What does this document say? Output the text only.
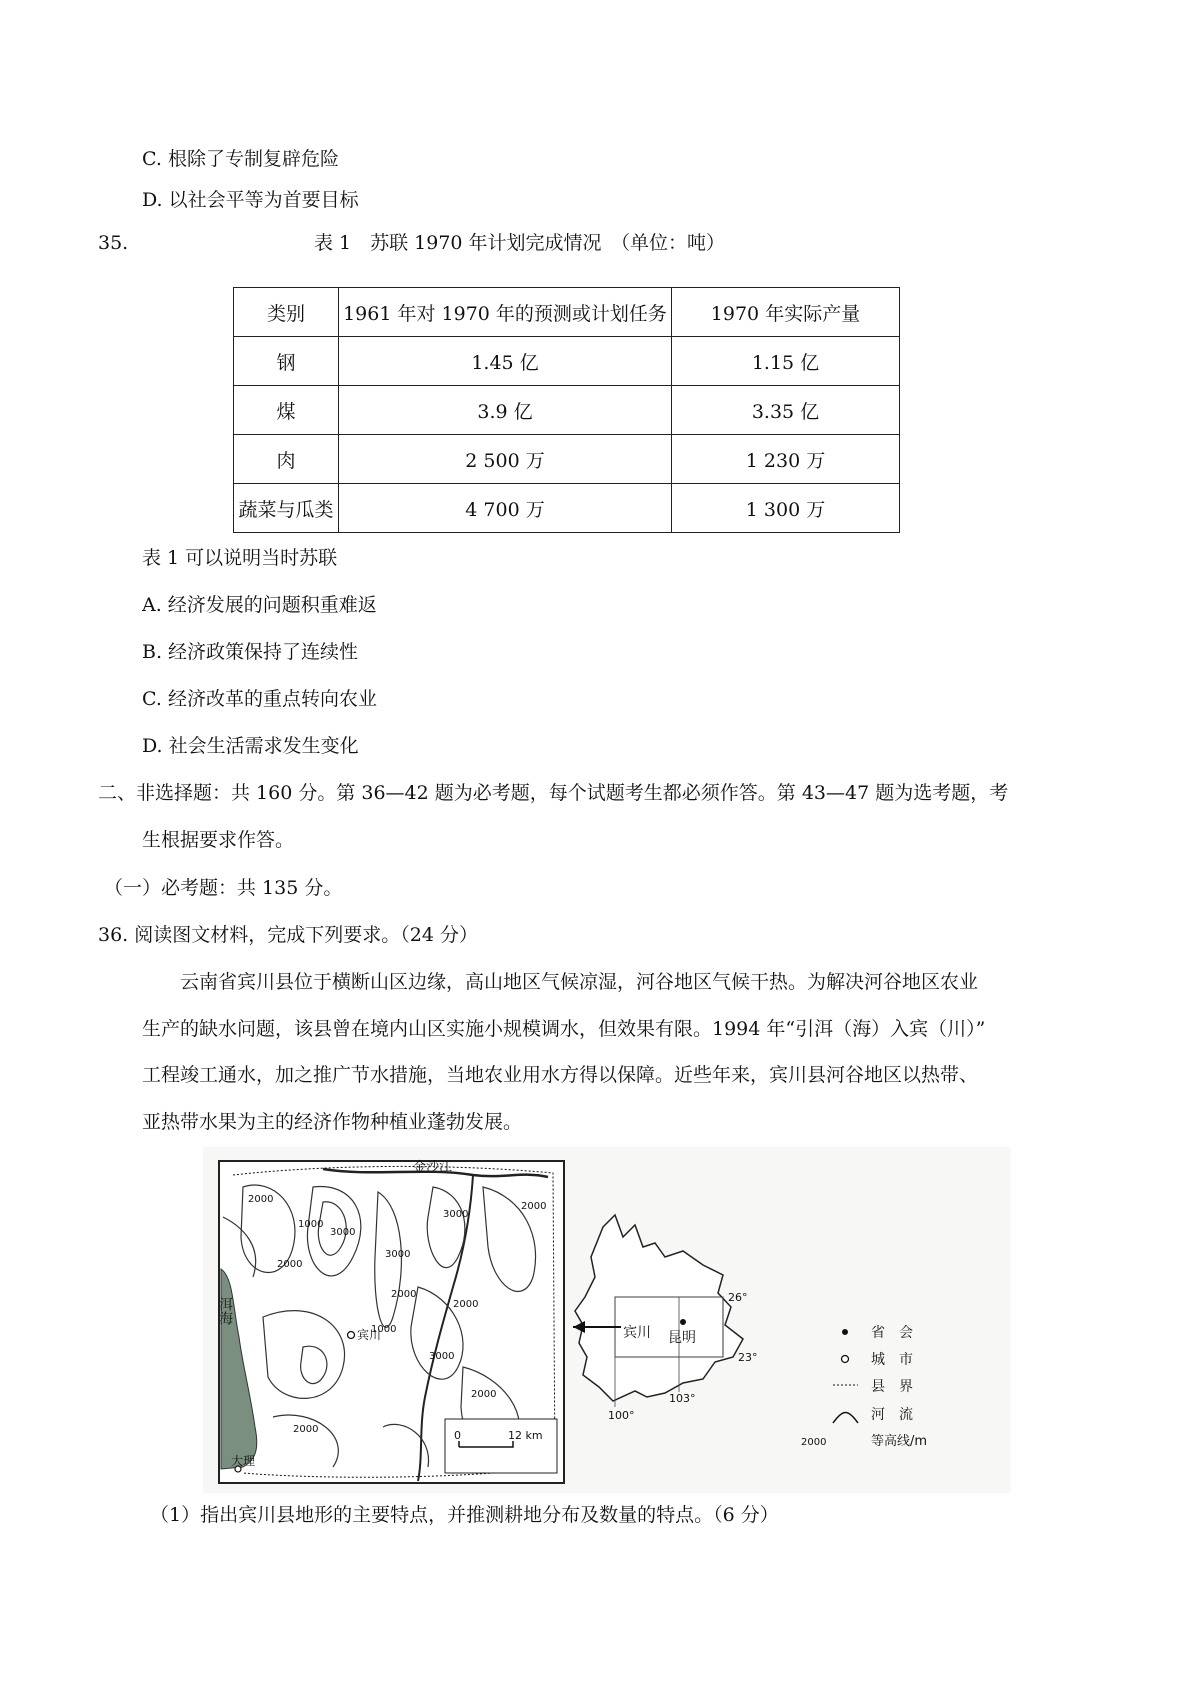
C. 根除了专制复辟危险
D. 以社会平等为首要目标
35.	表 1　苏联 1970 年计划完成情况　（单位：吨）
类别	1961 年对 1970 年的预测或计划任务	1970 年实际产量
钢	1.45 亿	1.15 亿
煤	3.9 亿	3.35 亿
肉	2 500 万	1 230 万
蔬菜与瓜类	4 700 万	1 300 万
表 1 可以说明当时苏联
A. 经济发展的问题积重难返
B. 经济政策保持了连续性
C. 经济改革的重点转向农业
D. 社会生活需求发生变化
二、非选择题：共 160 分。第 36—42 题为必考题，每个试题考生都必须作答。第 43—47 题为选考题，考
生根据要求作答。
（一）必考题：共 135 分。
36. 阅读图文材料，完成下列要求。（24 分）
云南省宾川县位于横断山区边缘，高山地区气候凉湿，河谷地区气候干热。为解决河谷地区农业
生产的缺水问题，该县曾在境内山区实施小规模调水，但效果有限。1994 年“引洱（海）入宾（川）”
工程竣工通水，加之推广节水措施，当地农业用水方得以保障。近些年来，宾川县河谷地区以热带、
亚热带水果为主的经济作物种植业蓬勃发展。
2000
1000
2000
3000
3000
2000
1000
3000
2000
2000
2000
2000
3000
金沙江
洱海
宾川
大理
0	12 km
宾川 昆明
26°
23°
100°
103°
省　会
城　市
县　界
河　流
2000	等高线/m
（1）指出宾川县地形的主要特点，并推测耕地分布及数量的特点。（6 分）
